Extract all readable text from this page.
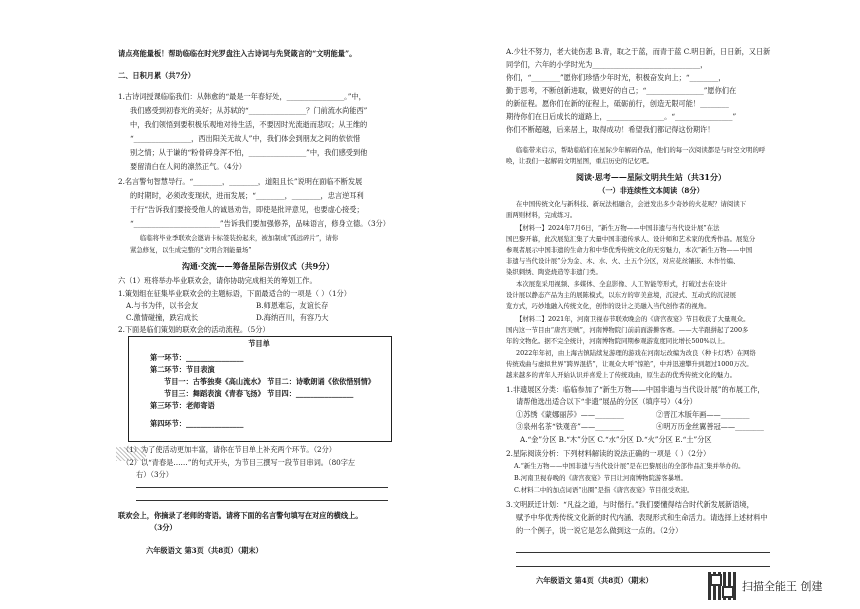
请点亮能量板！帮助临临在时光罗盘注入古诗词与先贤箴言的“文明能量”。
二、日积月累（共7分）
1.古诗词授课临临我们：从韩愈的“最是一年春好处，________________。”中，
我们感受到初春光的美好；从苏轼的“________________？门前流水尚能西”
中，我们领悟到要积极乐观地对待生活，不要因时光流逝而悲叹；从王维的
“________________，西出阳关无故人”中，我们体会到朋友之间的依依惜
别之情；从于谦的“粉骨碎身浑不怕，________________”中，我们感受到他
要留清白在人间的凛然正气。（4分）
2.名言警句智慧导行。“________，________，道阻且长”说明在面临不断发展
的时期时，必须改变现状，进而发展；“________，________，忠言逆耳利
于行”告诉我们要接受他人的诚恳劝告，即使是批评意见，也要虚心接受；
“________________________”告诉我们要加强修养，品味语言，修身立德。（3分）
临临将毕业季联欢会邀请卡标签装扮起来，被加制成“孤远碎片”，请你
紧急修复，以生成完整的“文明合剂能量场”
沟通·交流——筹备星际告别仪式（共9分）
六（1）班将举办毕业联欢会，请你协助完成相关的筹划工作。
1.策划组在征集毕业联欢会的主题标语，下面最适合的一项是（ ）（1分）
A.与书为伴，以书会友	B.师恩难忘，友谊长存
C.激情碰撞，跌宕成长	D.海纳百川，有容乃大
2.下面是临们策划的联欢会的活动流程。（5分）
节目单
第一环节：________________
第二环节：节目表演
节目一：古筝独奏《高山流水》 节目二：诗歌朗诵《依依惜别情》
节目三：舞蹈表演《青春飞扬》 节目四：________________
第三环节：老师寄语
第四环节：________________
（1）为了使活动更加丰富，请你在节目单上补充两个环节。（2分）
（2）以“青春是……”的句式开头，为节目三撰写一段节目串词。（80字左
右）（3分）
联欢会上，你摘录了老师的寄语。请将下面的名言警句填写在对应的横线上。
（3分）
六年级语文 第3页（共8页）（期末）
A.少壮不努力，老大徒伤悲 B.青，取之于蓝，而青于蓝 C.明日新，日日新，又日新
同学们，六年的小学时光为______________________________，
你们，“________”愿你们珍惜少年时光，积极奋发向上；“________，
勤于思考，不断创新进取，做更好的自己；“________________”愿你们在
的新征程。愿你们在新的征程上，砥砺前行，创造无限可能！________
期待你们在日后成长的道路上，________________。“________________”
你们不断超越，后来居上，取得成功！希望我们都记得这份期许！
临临带来启示，帮助临临们在星际少年解码作品，他们的每一次阅读都是与时空文明的呼
唤，让我们一起解码文明星图，重启历史的记忆吧。
阅读·思考——星际文明共生站（共31分）
（一）非连续性文本阅读（8分）
在中国传统文化与新科技、新玩法相融合，会迸发出多少奇妙的火花呢？请阅读下
面两则材料，完成练习。
【材料一】2024年7月6日，“新生万物——中国非遗与当代设计展”在法
国巴黎开幕，此次展览汇集了大量中国非遗传承人、设计师和艺术家的优秀作品。展览分
参观者展示中国非遗的生命力和中华优秀传统文化的无穷魅力，本次“新生万物——中国
非遗与当代设计展”分为金、木、水、火、土五个分区，对应花丝镶嵌、木作竹编、
染织刺绣、陶瓷烧造等非遗门类。
本次展览采用视频、多媒体、全息影像、人工智能等形式，打破过去在设计
设计展以静态产品为主的展陈模式，以东方的审美意境，沉浸式、互动式的沉浸展
览方式，巧妙地融入传统文化，创作的设计之美融入当代创作者的视角。
【材料二】2021年，河南卫视春节联欢晚会的《唐宫夜宴》节目收获了大量观众。
国内这一节目由“唐宫美贼”，河南博物院门前前面游擀客赛。——大半跟拼起了200多
年的文物化。据不完全统计，河南博物院同期参观游览度同比增长500%以上。
2022年年初，由上海古镇陆续复游理的游戏在河南坛改编为改良（种卡灯塔）在网络
传统戏曲与虚拟世界“跨界混搭”，让观众大呼“惊艳”，中并迅速攀升到超过1000万次。
越来越多的青年人开始认识并喜爱上了传统戏曲，原生态的优秀传统文化的魅力。
1.非遗展区分类：临临参加了“新生万物——中国非遗与当代设计展”的布展工作，
请帮他选出适合以下“非遗”展品的分区（填序号）（4分）
①苏绣《蒙娜丽莎》——________	②晋江木版年画——________
③泉州名茶“铁观音”——________	④明万历金丝翼善冠——________
A.“金”分区 B.“木”分区 C.“水”分区 D.“火”分区 E.“土”分区
2.星际阅读分析：下列材料解读的说法正确的一项是（ ）（2分）
A.“新生万物——中国非遗与当代设计展”是在巴黎展出的全部作品汇集并举办的。
B.河南卫视春晚的《唐宫夜宴》节目让河南博物院游客暴增。
C.材料二中的加点词语“出圈”是指《唐宫夜宴》节目很受欢迎。
3.文明跃迁计划：“凡益之道，与时偕行。”我们要懂得结合时代新发展新语境，
赋予中华优秀传统文化新的时代内涵、表现形式和生命活力。请选择上述材料中
的一个例子，说一说它是怎么做到这一点的。（2分）
六年级语文 第4页（共8页）（期末）	扫描全能王 创建
